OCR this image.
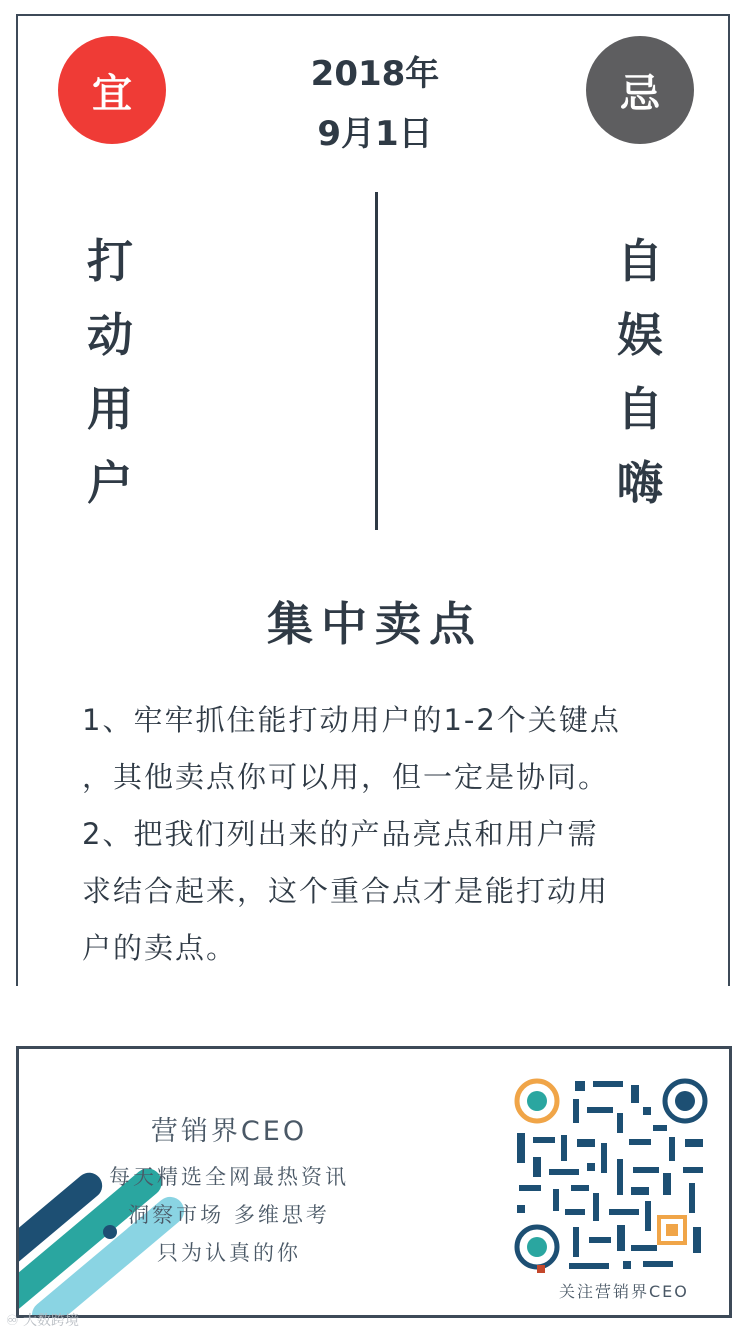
宜	忌
2018年
9月1日
打
动
用
户
自
娱
自
嗨
集中卖点
1、牢牢抓住能打动用户的1-2个关键点
，其他卖点你可以用，但一定是协同。
2、把我们列出来的产品亮点和用户需
求结合起来，这个重合点才是能打动用
户的卖点。
营销界CEO
每天精选全网最热资讯
洞察市场 多维思考
只为认真的你
关注营销界CEO
♾ 大数跨境
